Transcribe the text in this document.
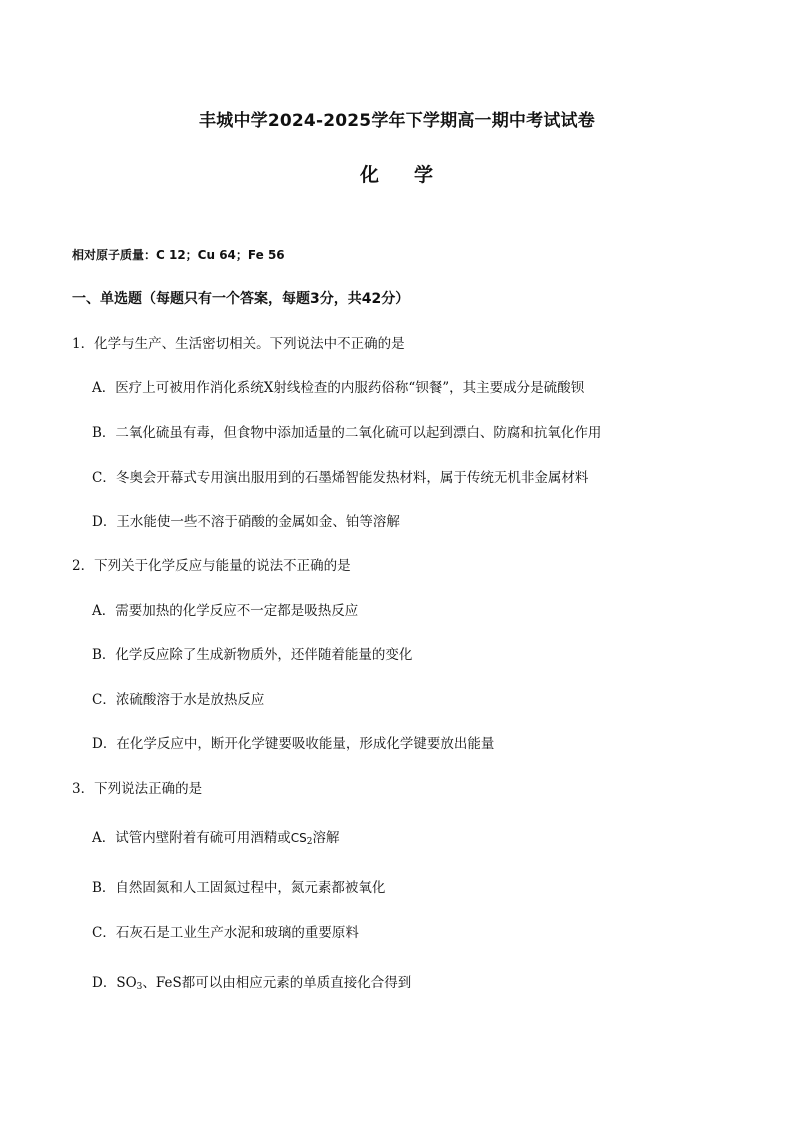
丰城中学2024-2025学年下学期高一期中考试试卷
化 学
相对原子质量：C 12；Cu 64；Fe 56
一、单选题（每题只有一个答案，每题3分，共42分）
1．化学与生产、生活密切相关。下列说法中不正确的是
A．医疗上可被用作消化系统X射线检查的内服药俗称“钡餐”，其主要成分是硫酸钡
B．二氧化硫虽有毒，但食物中添加适量的二氧化硫可以起到漂白、防腐和抗氧化作用
C．冬奥会开幕式专用演出服用到的石墨烯智能发热材料，属于传统无机非金属材料
D．王水能使一些不溶于硝酸的金属如金、铂等溶解
2．下列关于化学反应与能量的说法不正确的是
A．需要加热的化学反应不一定都是吸热反应
B．化学反应除了生成新物质外，还伴随着能量的变化
C．浓硫酸溶于水是放热反应
D．在化学反应中，断开化学键要吸收能量，形成化学键要放出能量
3．下列说法正确的是
A．试管内壁附着有硫可用酒精或$CS_2$溶解
B．自然固氮和人工固氮过程中，氮元素都被氧化
C．石灰石是工业生产水泥和玻璃的重要原料
D．$SO_3$、FeS都可以由相应元素的单质直接化合得到
